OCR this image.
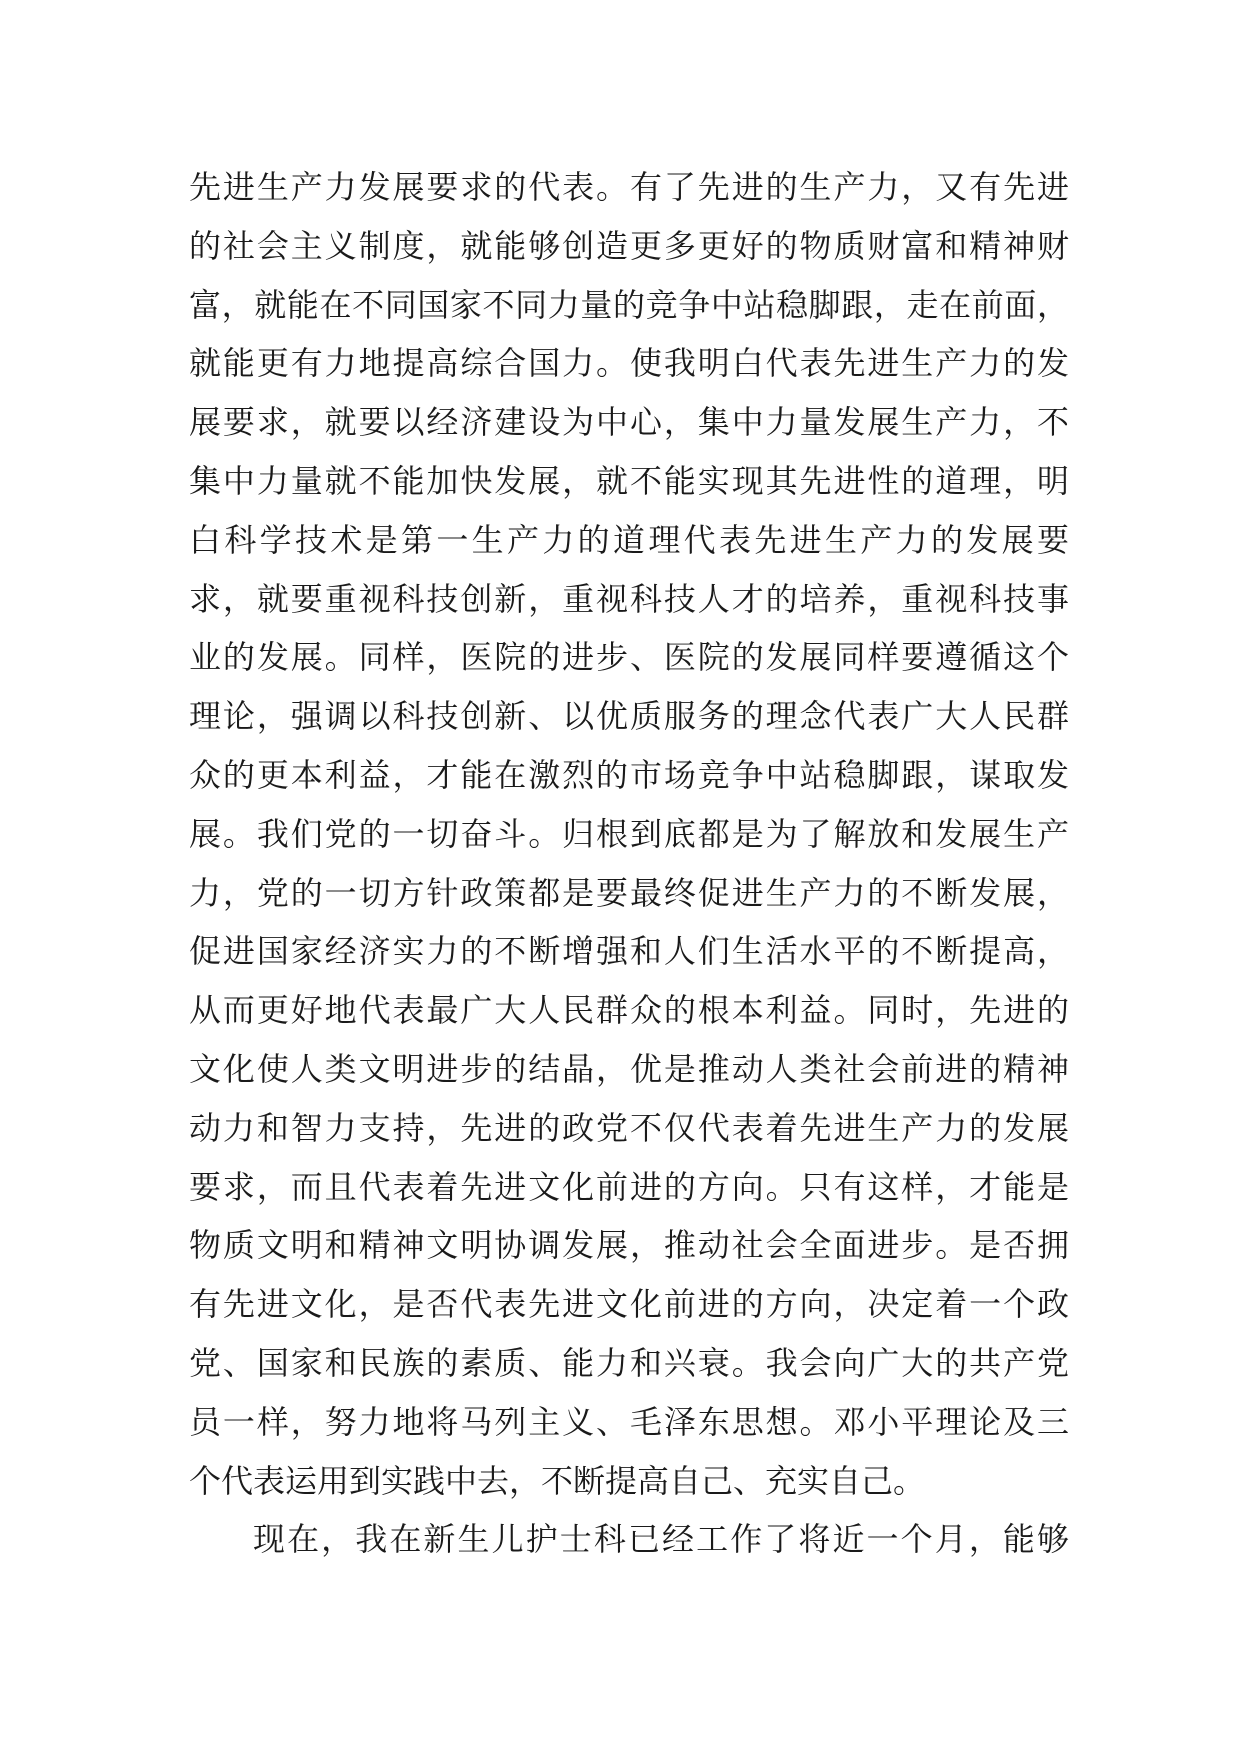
先进生产力发展要求的代表。有了先进的生产力，又有先进
的社会主义制度，就能够创造更多更好的物质财富和精神财
富，就能在不同国家不同力量的竞争中站稳脚跟，走在前面，
就能更有力地提高综合国力。使我明白代表先进生产力的发
展要求，就要以经济建设为中心，集中力量发展生产力，不
集中力量就不能加快发展，就不能实现其先进性的道理，明
白科学技术是第一生产力的道理代表先进生产力的发展要
求，就要重视科技创新，重视科技人才的培养，重视科技事
业的发展。同样，医院的进步、医院的发展同样要遵循这个
理论，强调以科技创新、以优质服务的理念代表广大人民群
众的更本利益，才能在激烈的市场竞争中站稳脚跟，谋取发
展。我们党的一切奋斗。归根到底都是为了解放和发展生产
力，党的一切方针政策都是要最终促进生产力的不断发展，
促进国家经济实力的不断增强和人们生活水平的不断提高，
从而更好地代表最广大人民群众的根本利益。同时，先进的
文化使人类文明进步的结晶，优是推动人类社会前进的精神
动力和智力支持，先进的政党不仅代表着先进生产力的发展
要求，而且代表着先进文化前进的方向。只有这样，才能是
物质文明和精神文明协调发展，推动社会全面进步。是否拥
有先进文化，是否代表先进文化前进的方向，决定着一个政
党、国家和民族的素质、能力和兴衰。我会向广大的共产党
员一样，努力地将马列主义、毛泽东思想。邓小平理论及三
个代表运用到实践中去，不断提高自己、充实自己。
现在，我在新生儿护士科已经工作了将近一个月，能够
